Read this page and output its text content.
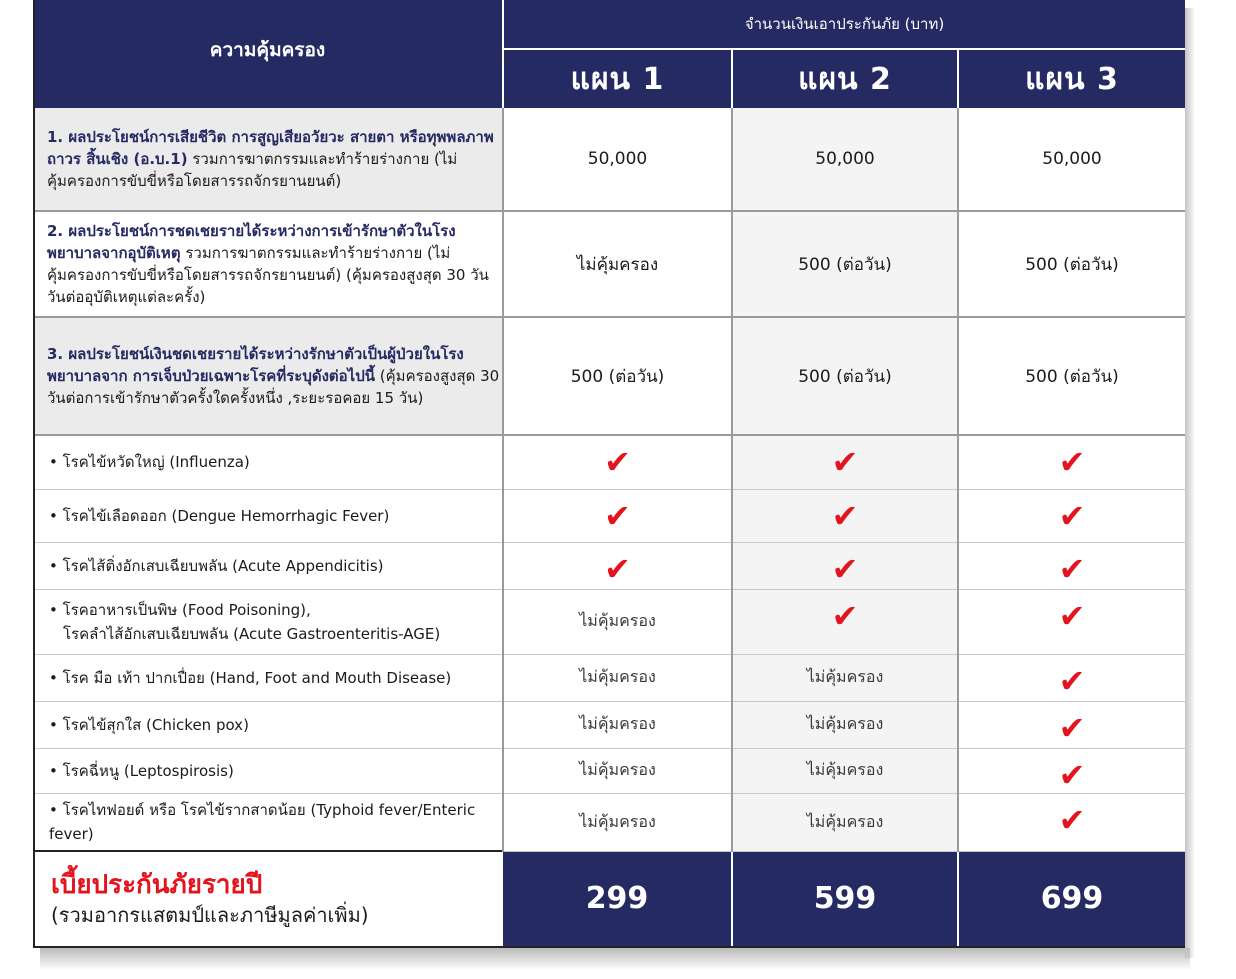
ความคุ้มครอง	จำนวนเงินเอาประกันภัย (บาท)		
	แผน 1	แผน 2	แผน 3
1. ผลประโยชน์การเสียชีวิต การสูญเสียอวัยวะ สายตา หรือทุพพลภาพถาวร สิ้นเชิง (อ.บ.1) รวมการฆาตกรรมและทำร้ายร่างกาย (ไม่คุ้มครองการขับขี่หรือโดยสารรถจักรยานยนต์)	50,000	50,000	50,000
2. ผลประโยชน์การชดเชยรายได้ระหว่างการเข้ารักษาตัวในโรงพยาบาลจากอุบัติเหตุ รวมการฆาตกรรมและทำร้ายร่างกาย (ไม่คุ้มครองการขับขี่หรือโดยสารรถจักรยานยนต์) (คุ้มครองสูงสุด 30 วัน วันต่ออุบัติเหตุแต่ละครั้ง)	ไม่คุ้มครอง	500 (ต่อวัน)	500 (ต่อวัน)
3. ผลประโยชน์เงินชดเชยรายได้ระหว่างรักษาตัวเป็นผู้ป่วยในโรงพยาบาลจาก การเจ็บป่วยเฉพาะโรคที่ระบุดังต่อไปนี้ (คุ้มครองสูงสุด 30 วันต่อการเข้ารักษาตัวครั้งใดครั้งหนึ่ง ,ระยะรอคอย 15 วัน)	500 (ต่อวัน)	500 (ต่อวัน)	500 (ต่อวัน)

• โรคไข้หวัดใหญ่ (Influenza)	✔	✔	✔

• โรคไข้เลือดออก (Dengue Hemorrhagic Fever)	✔	✔	✔

• โรคไส้ติ่งอักเสบเฉียบพลัน (Acute Appendicitis)	✔	✔	✔

• โรคอาหารเป็นพิษ (Food Poisoning),
โรคลำไส้อักเสบเฉียบพลัน (Acute Gastroenteritis-AGE)	ไม่คุ้มครอง	✔	✔

• โรค มือ เท้า ปากเปื่อย (Hand, Foot and Mouth Disease)	ไม่คุ้มครอง	ไม่คุ้มครอง	✔

• โรคไข้สุกใส (Chicken pox)	ไม่คุ้มครอง	ไม่คุ้มครอง	✔

• โรคฉี่หนู (Leptospirosis)	ไม่คุ้มครอง	ไม่คุ้มครอง	✔

• โรคไทฟอยด์ หรือ โรคไข้รากสาดน้อย (Typhoid fever/Enteric fever)	ไม่คุ้มครอง	ไม่คุ้มครอง	✔

เบี้ยประกันภัยรายปี
(รวมอากรแสตมป์และภาษีมูลค่าเพิ่ม)	299	599	699
